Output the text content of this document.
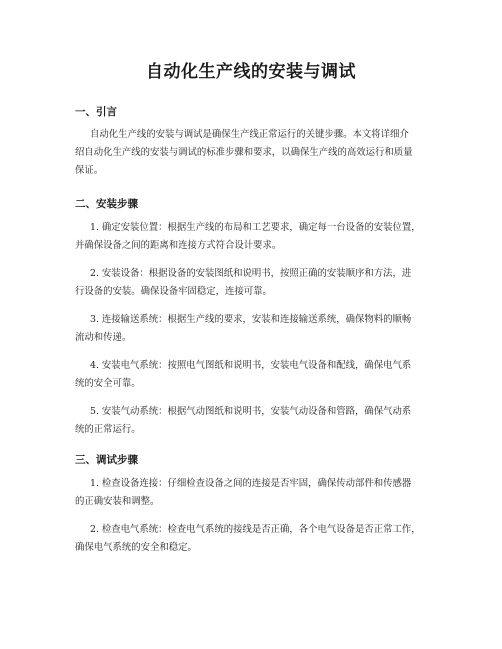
自动化生产线的安装与调试
一、引言

自动化生产线的安装与调试是确保生产线正常运行的关键步骤。本文将详细介
绍自动化生产线的安装与调试的标准步骤和要求，以确保生产线的高效运行和质量
保证。

二、安装步骤

1. 确定安装位置：根据生产线的布局和工艺要求，确定每一台设备的安装位置，
并确保设备之间的距离和连接方式符合设计要求。

2. 安装设备：根据设备的安装图纸和说明书，按照正确的安装顺序和方法，进
行设备的安装。确保设备牢固稳定，连接可靠。

3. 连接输送系统：根据生产线的要求，安装和连接输送系统，确保物料的顺畅
流动和传递。

4. 安装电气系统：按照电气图纸和说明书，安装电气设备和配线，确保电气系
统的安全可靠。

5. 安装气动系统：根据气动图纸和说明书，安装气动设备和管路，确保气动系
统的正常运行。

三、调试步骤

1. 检查设备连接：仔细检查设备之间的连接是否牢固，确保传动部件和传感器
的正确安装和调整。

2. 检查电气系统：检查电气系统的接线是否正确，各个电气设备是否正常工作，
确保电气系统的安全和稳定。
